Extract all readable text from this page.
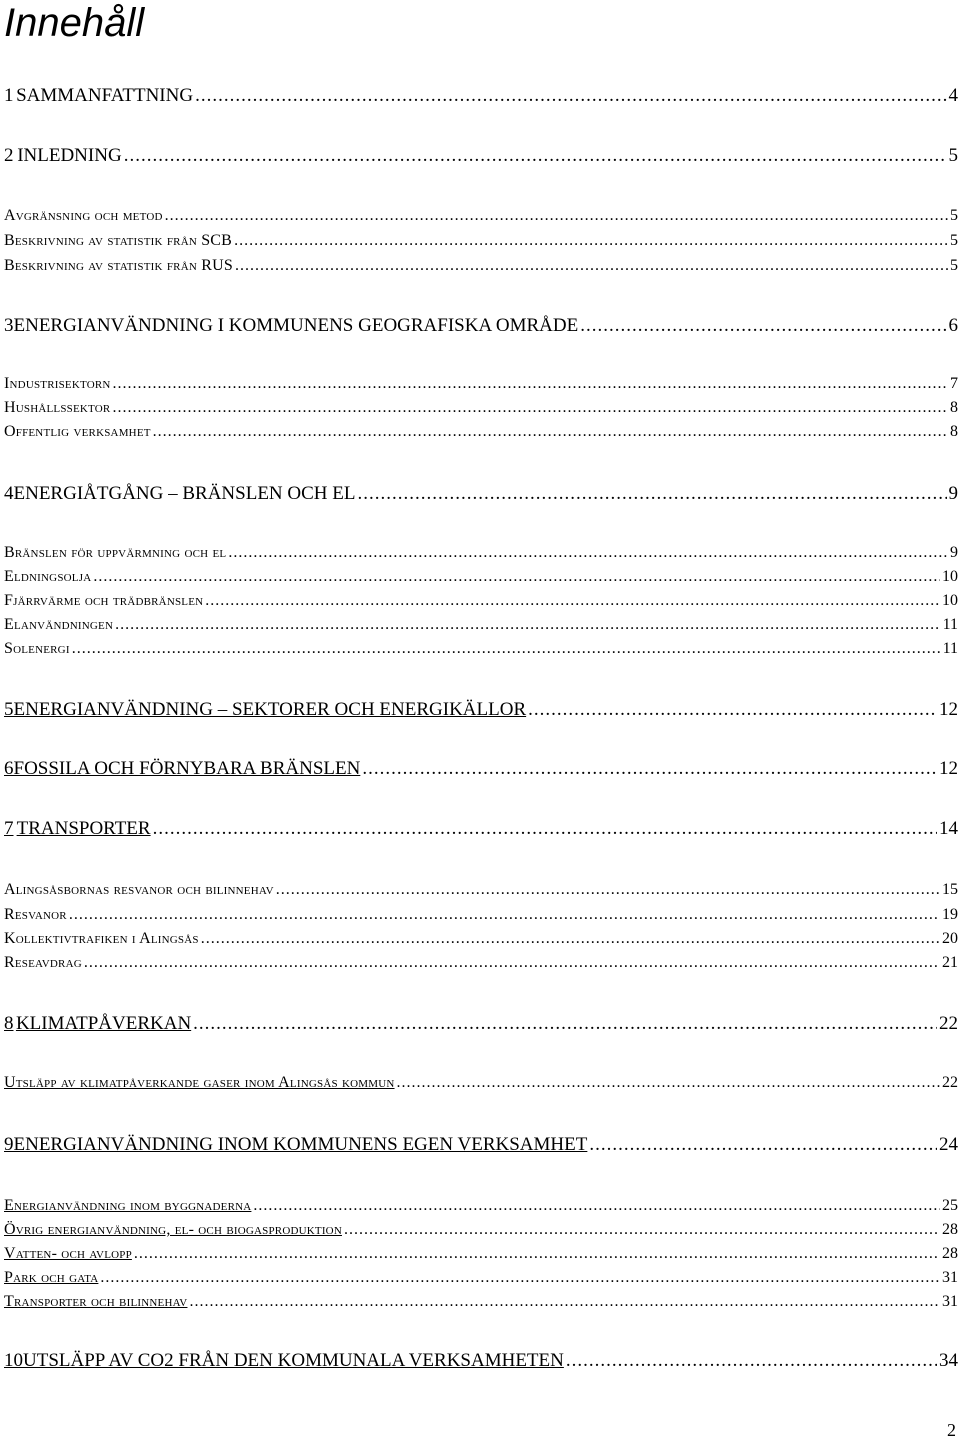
Innehåll
1 SAMMANFATTNING .....	4
2 INLEDNING .....	5
Avgränsning och metod .....	5
Beskrivning av statistik från SCB .....	5
Beskrivning av statistik från RUS .....	5
3 ENERGIANVÄNDNING I KOMMUNENS GEOGRAFISKA OMRÅDE .....	6
Industrisektorn .....	7
Hushållssektor .....	8
Offentlig verksamhet .....	8
4 ENERGIÅTGÅNG – BRÄNSLEN OCH EL .....	9
Bränslen för uppvärmning och el .....	9
Eldningsolja .....	10
Fjärrvärme och trädbränslen .....	10
Elanvändningen .....	11
Solenergi .....	11
5 ENERGIANVÄNDNING – SEKTORER OCH ENERGIKÄLLOR .....	12
6 FOSSILA OCH FÖRNYBARA BRÄNSLEN .....	12
7 TRANSPORTER .....	14
Alingsåsbornas resvanor och bilinnehav .....	15
Resvanor .....	19
Kollektivtrafiken i Alingsås .....	20
Reseavdrag .....	21
8 KLIMATPÅVERKAN .....	22
Utsläpp av klimatpåverkande gaser inom Alingsås kommun .....	22
9 ENERGIANVÄNDNING INOM KOMMUNENS EGEN VERKSAMHET .....	24
Energianvändning inom byggnaderna .....	25
Övrig energianvändning, el- och biogasproduktion .....	28
Vatten- och avlopp .....	28
Park och gata .....	31
Transporter och bilinnehav .....	31
10 UTSLÄPP AV CO2 FRÅN DEN KOMMUNALA VERKSAMHETEN .....	34
2
